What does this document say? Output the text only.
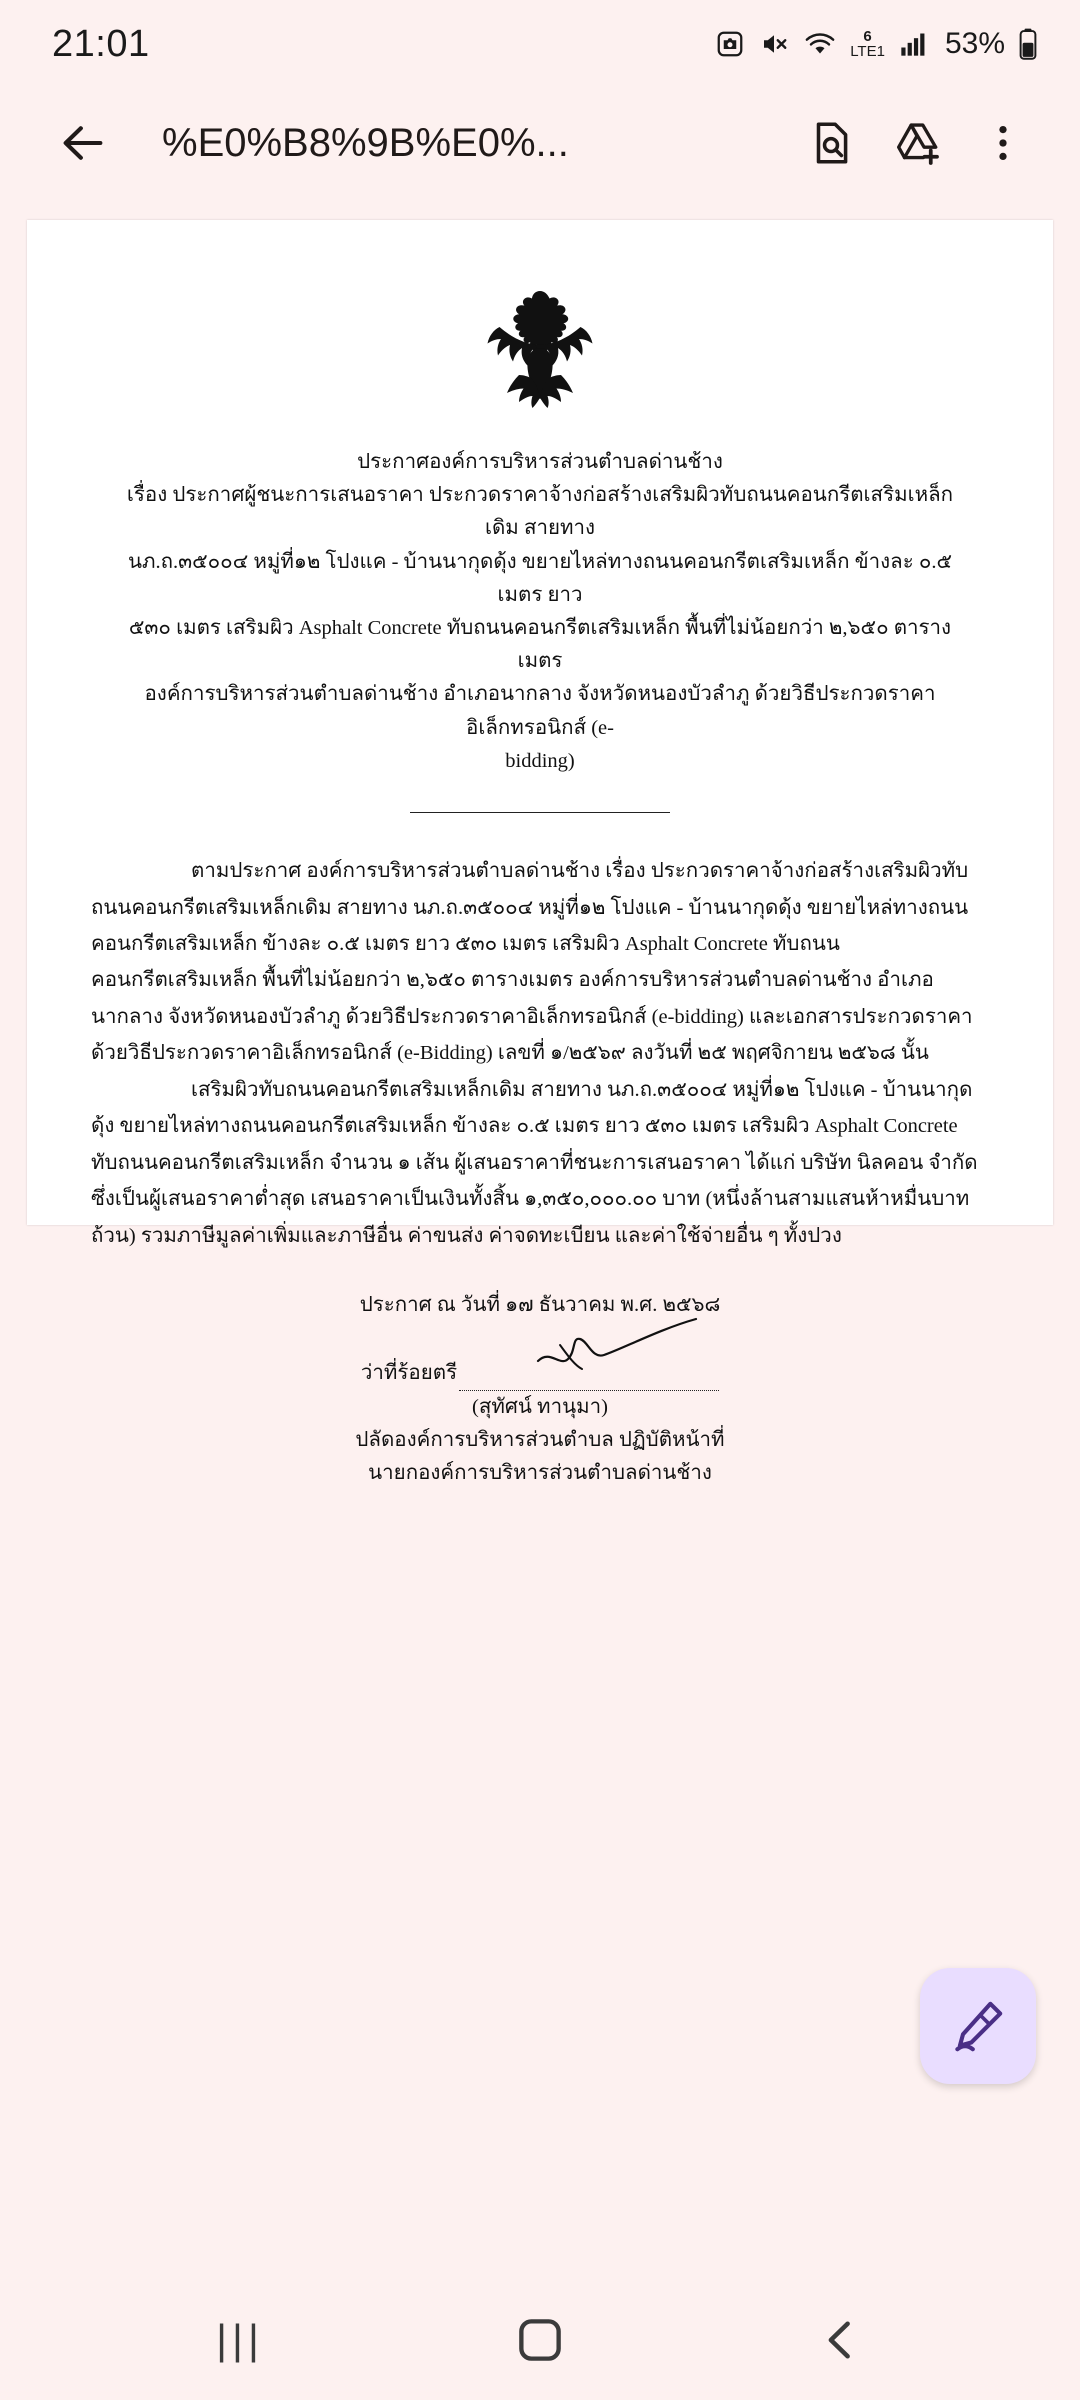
21:01	6
LTE1 53%
%E0%B8%9B%E0%...
ประกาศองค์การบริหารส่วนตำบลด่านช้าง
เรื่อง ประกาศผู้ชนะการเสนอราคา ประกวดราคาจ้างก่อสร้างเสริมผิวทับถนนคอนกรีตเสริมเหล็กเดิม สายทาง
นภ.ถ.๓๕๐๐๔ หมู่ที่๑๒ โปงแค - บ้านนากุดดุ้ง ขยายไหล่ทางถนนคอนกรีตเสริมเหล็ก ข้างละ ๐.๕ เมตร ยาว
๕๓๐ เมตร เสริมผิว Asphalt Concrete ทับถนนคอนกรีตเสริมเหล็ก พื้นที่ไม่น้อยกว่า ๒,๖๕๐ ตารางเมตร
องค์การบริหารส่วนตำบลด่านช้าง อำเภอนากลาง จังหวัดหนองบัวลำภู ด้วยวิธีประกวดราคาอิเล็กทรอนิกส์ (e-
bidding)

ตามประกาศ องค์การบริหารส่วนตำบลด่านช้าง เรื่อง ประกวดราคาจ้างก่อสร้างเสริมผิวทับถนนคอนกรีตเสริมเหล็กเดิม สายทาง นภ.ถ.๓๕๐๐๔ หมู่ที่๑๒ โปงแค - บ้านนากุดดุ้ง ขยายไหล่ทางถนนคอนกรีตเสริมเหล็ก ข้างละ ๐.๕ เมตร ยาว ๕๓๐ เมตร เสริมผิว Asphalt Concrete ทับถนนคอนกรีตเสริมเหล็ก พื้นที่ไม่น้อยกว่า ๒,๖๕๐ ตารางเมตร องค์การบริหารส่วนตำบลด่านช้าง อำเภอนากลาง จังหวัดหนองบัวลำภู ด้วยวิธีประกวดราคาอิเล็กทรอนิกส์ (e-bidding) และเอกสารประกวดราคาด้วยวิธีประกวดราคาอิเล็กทรอนิกส์ (e-Bidding) เลขที่ ๑/๒๕๖๙ ลงวันที่ ๒๕ พฤศจิกายน ๒๕๖๘ นั้น

เสริมผิวทับถนนคอนกรีตเสริมเหล็กเดิม สายทาง นภ.ถ.๓๕๐๐๔ หมู่ที่๑๒ โปงแค - บ้านนากุดดุ้ง ขยายไหล่ทางถนนคอนกรีตเสริมเหล็ก ข้างละ ๐.๕ เมตร ยาว ๕๓๐ เมตร เสริมผิว Asphalt Concrete ทับถนนคอนกรีตเสริมเหล็ก จำนวน ๑ เส้น ผู้เสนอราคาที่ชนะการเสนอราคา ได้แก่ บริษัท นิลคอน จำกัด ซึ่งเป็นผู้เสนอราคาต่ำสุด เสนอราคาเป็นเงินทั้งสิ้น ๑,๓๕๐,๐๐๐.๐๐ บาท (หนึ่งล้านสามแสนห้าหมื่นบาทถ้วน) รวมภาษีมูลค่าเพิ่มและภาษีอื่น ค่าขนส่ง ค่าจดทะเบียน และค่าใช้จ่ายอื่น ๆ ทั้งปวง

ประกาศ ณ วันที่ ๑๗ ธันวาคม พ.ศ. ๒๕๖๘
ว่าที่ร้อยตรี
(สุทัศน์ ทานุมา)
ปลัดองค์การบริหารส่วนตำบล ปฏิบัติหน้าที่
นายกองค์การบริหารส่วนตำบลด่านช้าง
|||
